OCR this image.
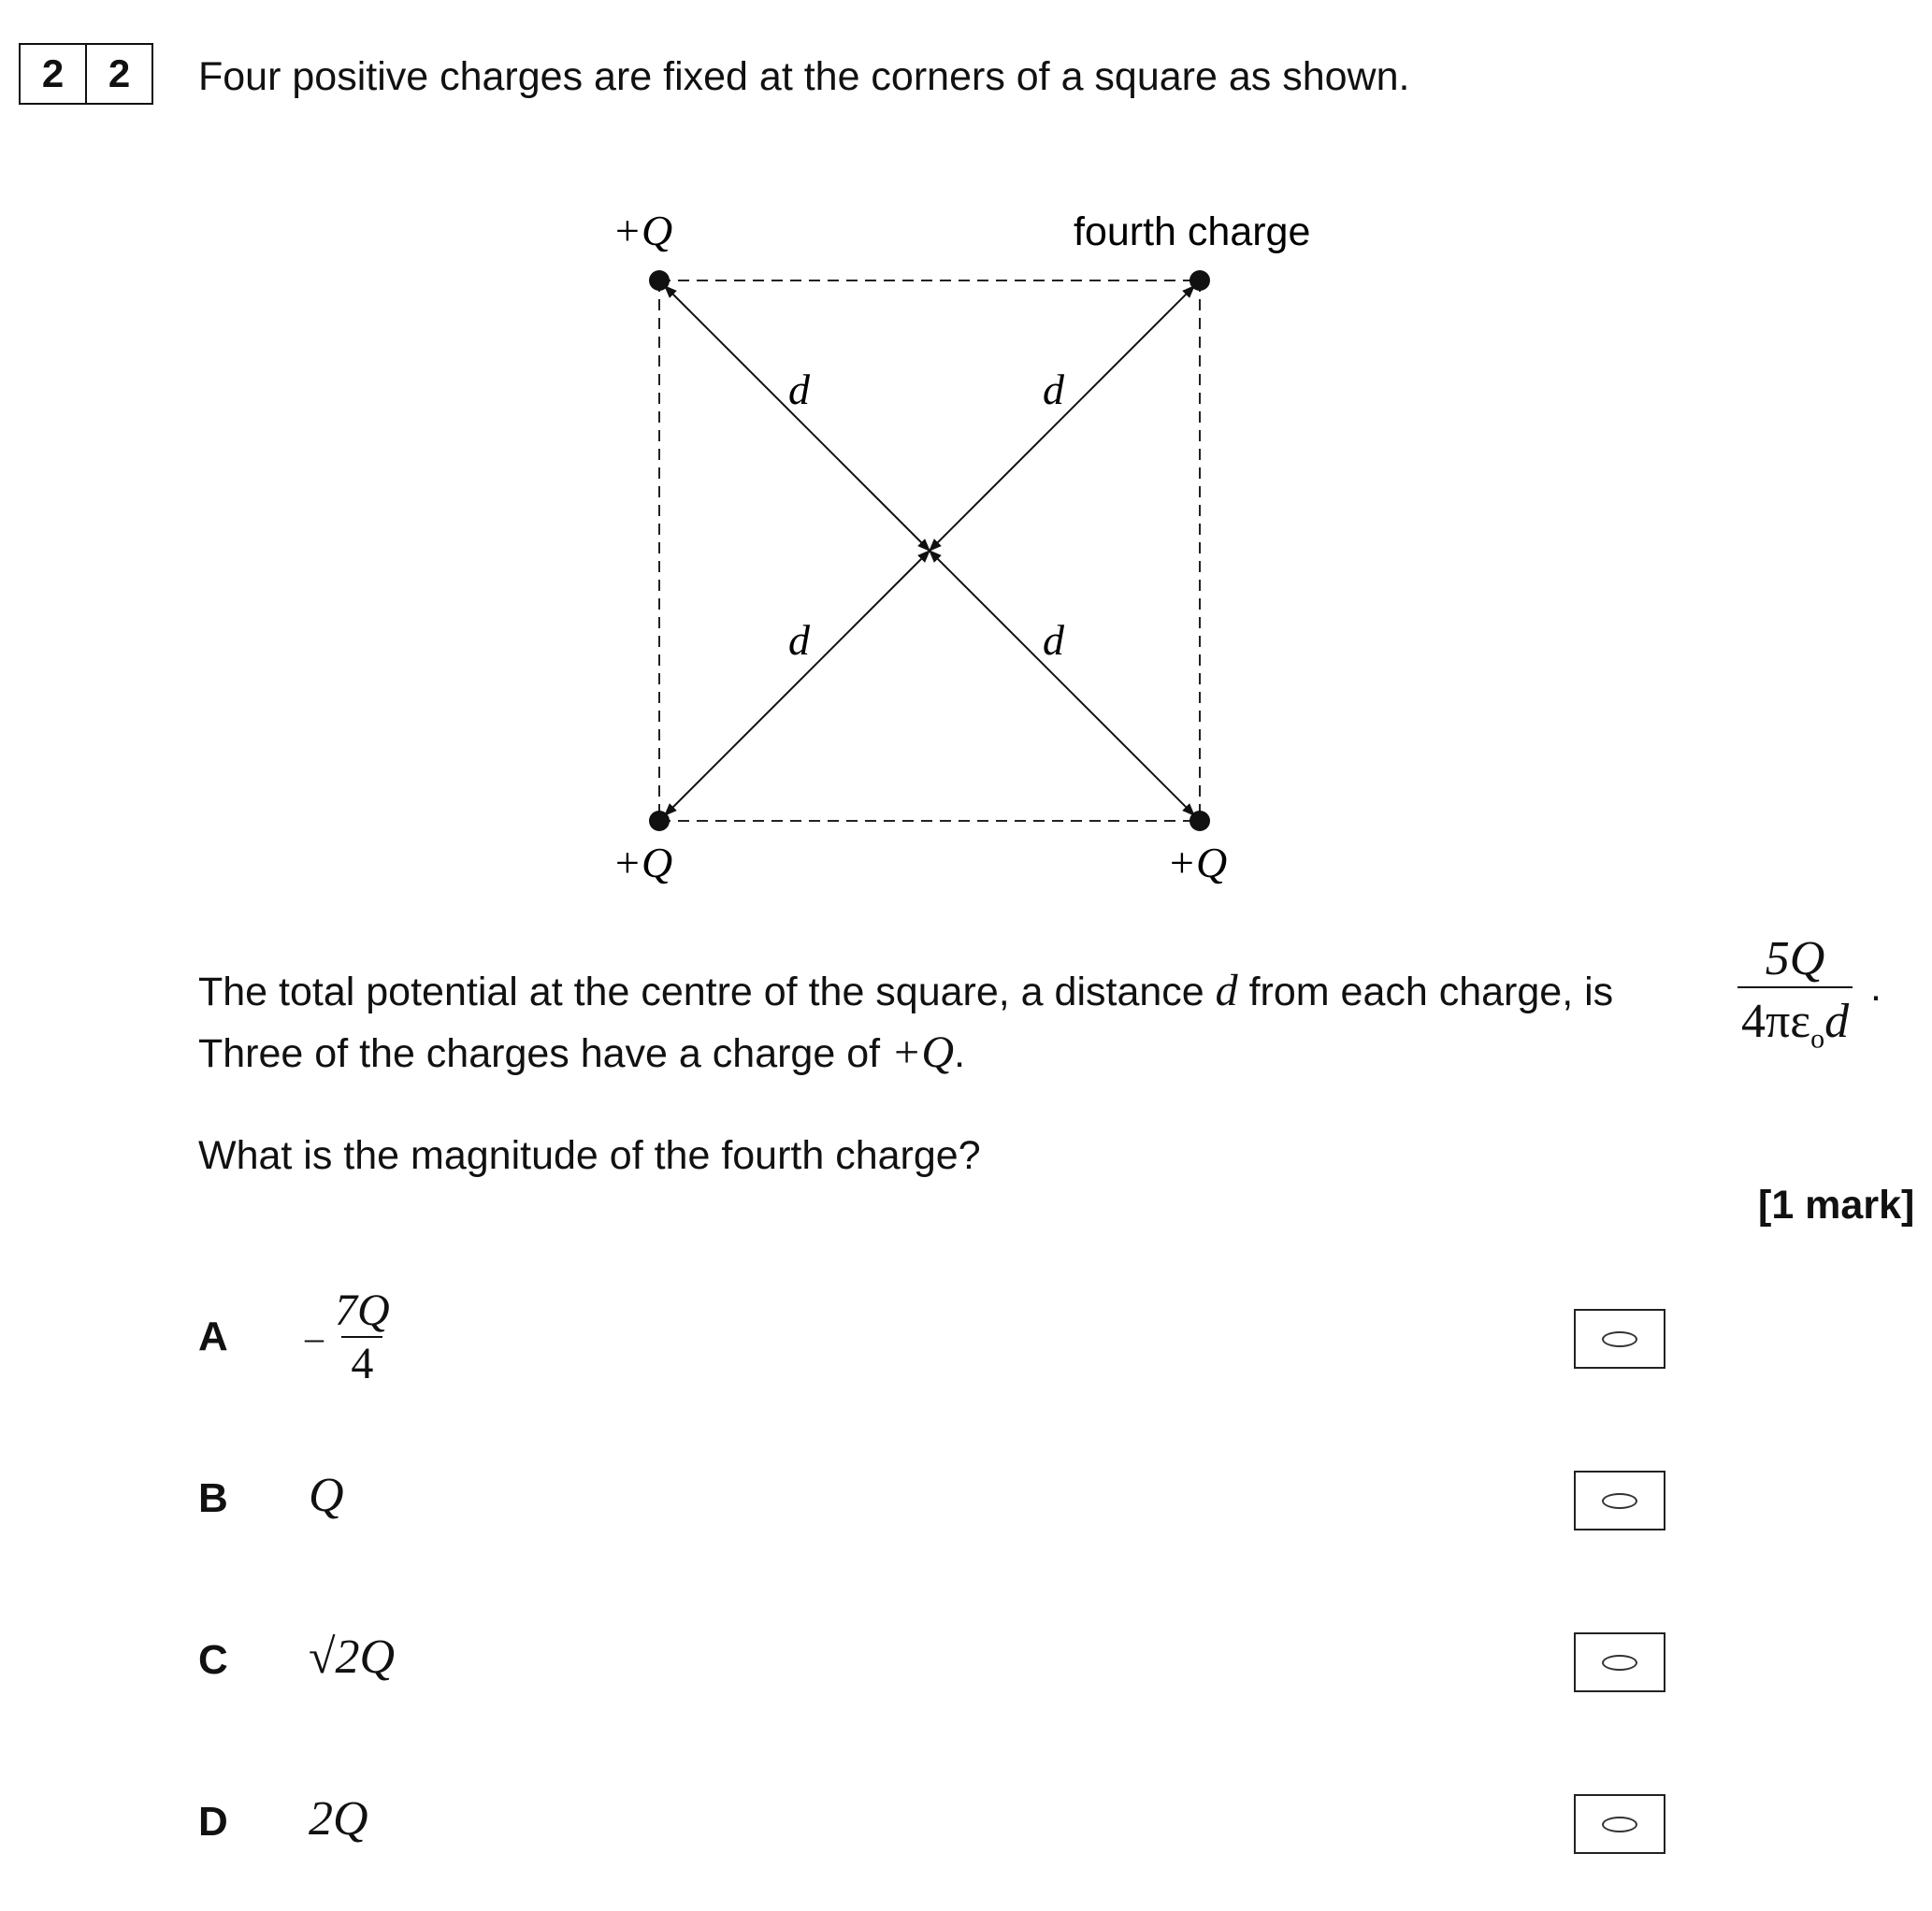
2	2	Four positive charges are fixed at the corners of a square as shown.
+Q	fourth charge
+Q	+Q
d	d
d	d
The total potential at the centre of the square, a distance d from each charge, is
5Q
$4\pi\varepsilon_od$
.
Three of the charges have a charge of +Q.
What is the magnitude of the fourth charge?
[1 mark]
A – $\frac{7Q}{4}$
B Q
C √2Q
D 2Q
